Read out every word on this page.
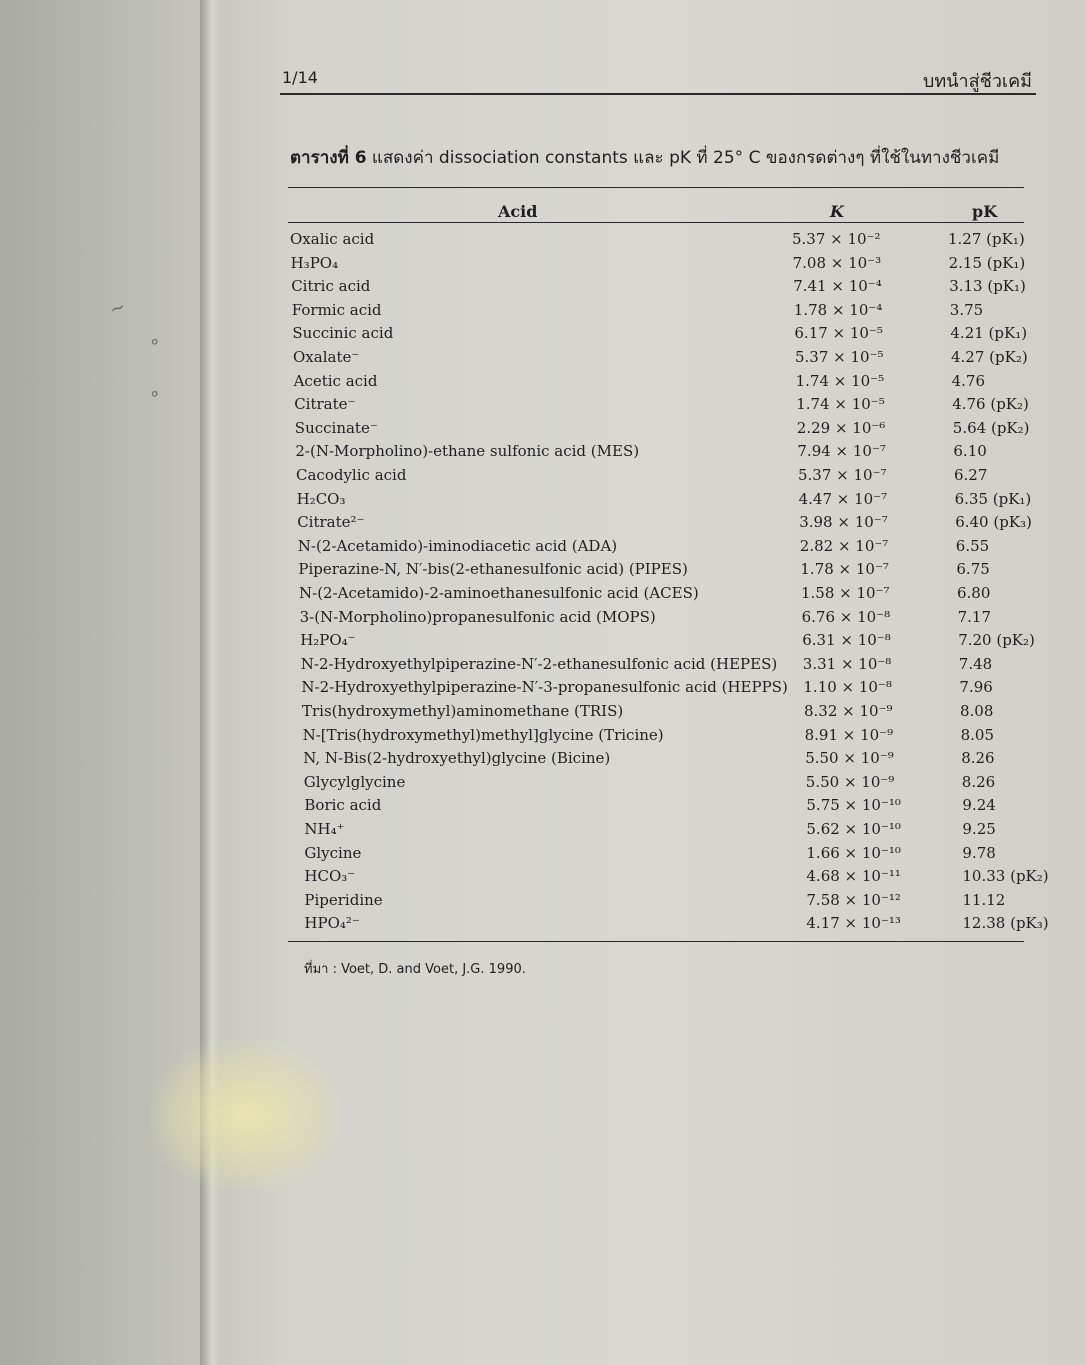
~
°
°
1/14	บทนำสู่ชีวเคมี
ตารางที่ 6 แสดงค่า dissociation constants และ pK ที่ 25° C ของกรดต่างๆ ที่ใช้ในทางชีวเคมี
Acid	K	pK
Oxalic acid	5.37 × 10⁻²	1.27 (pK₁)
H₃PO₄	7.08 × 10⁻³	2.15 (pK₁)
Citric acid	7.41 × 10⁻⁴	3.13 (pK₁)
Formic acid	1.78 × 10⁻⁴	3.75
Succinic acid	6.17 × 10⁻⁵	4.21 (pK₁)
Oxalate⁻	5.37 × 10⁻⁵	4.27 (pK₂)
Acetic acid	1.74 × 10⁻⁵	4.76
Citrate⁻	1.74 × 10⁻⁵	4.76 (pK₂)
Succinate⁻	2.29 × 10⁻⁶	5.64 (pK₂)
2-(N-Morpholino)-ethane sulfonic acid (MES)	7.94 × 10⁻⁷	6.10
Cacodylic acid	5.37 × 10⁻⁷	6.27
H₂CO₃	4.47 × 10⁻⁷	6.35 (pK₁)
Citrate²⁻	3.98 × 10⁻⁷	6.40 (pK₃)
N-(2-Acetamido)-iminodiacetic acid (ADA)	2.82 × 10⁻⁷	6.55
Piperazine-N, N′-bis(2-ethanesulfonic acid) (PIPES)	1.78 × 10⁻⁷	6.75
N-(2-Acetamido)-2-aminoethanesulfonic acid (ACES)	1.58 × 10⁻⁷	6.80
3-(N-Morpholino)propanesulfonic acid (MOPS)	6.76 × 10⁻⁸	7.17
H₂PO₄⁻	6.31 × 10⁻⁸	7.20 (pK₂)
N-2-Hydroxyethylpiperazine-N′-2-ethanesulfonic acid (HEPES) 3.31 × 10⁻⁸	7.48
N-2-Hydroxyethylpiperazine-N′-3-propanesulfonic acid (HEPPS) 1.10 × 10⁻⁸	7.96
Tris(hydroxymethyl)aminomethane (TRIS)	8.32 × 10⁻⁹	8.08
N-[Tris(hydroxymethyl)methyl]glycine (Tricine)	8.91 × 10⁻⁹	8.05
N, N-Bis(2-hydroxyethyl)glycine (Bicine)	5.50 × 10⁻⁹	8.26
Glycylglycine	5.50 × 10⁻⁹	8.26
Boric acid	5.75 × 10⁻¹⁰	9.24
NH₄⁺	5.62 × 10⁻¹⁰	9.25
Glycine	1.66 × 10⁻¹⁰	9.78
HCO₃⁻	4.68 × 10⁻¹¹	10.33 (pK₂)
Piperidine	7.58 × 10⁻¹²	11.12
HPO₄²⁻	4.17 × 10⁻¹³	12.38 (pK₃)
ที่มา : Voet, D. and Voet, J.G. 1990.
